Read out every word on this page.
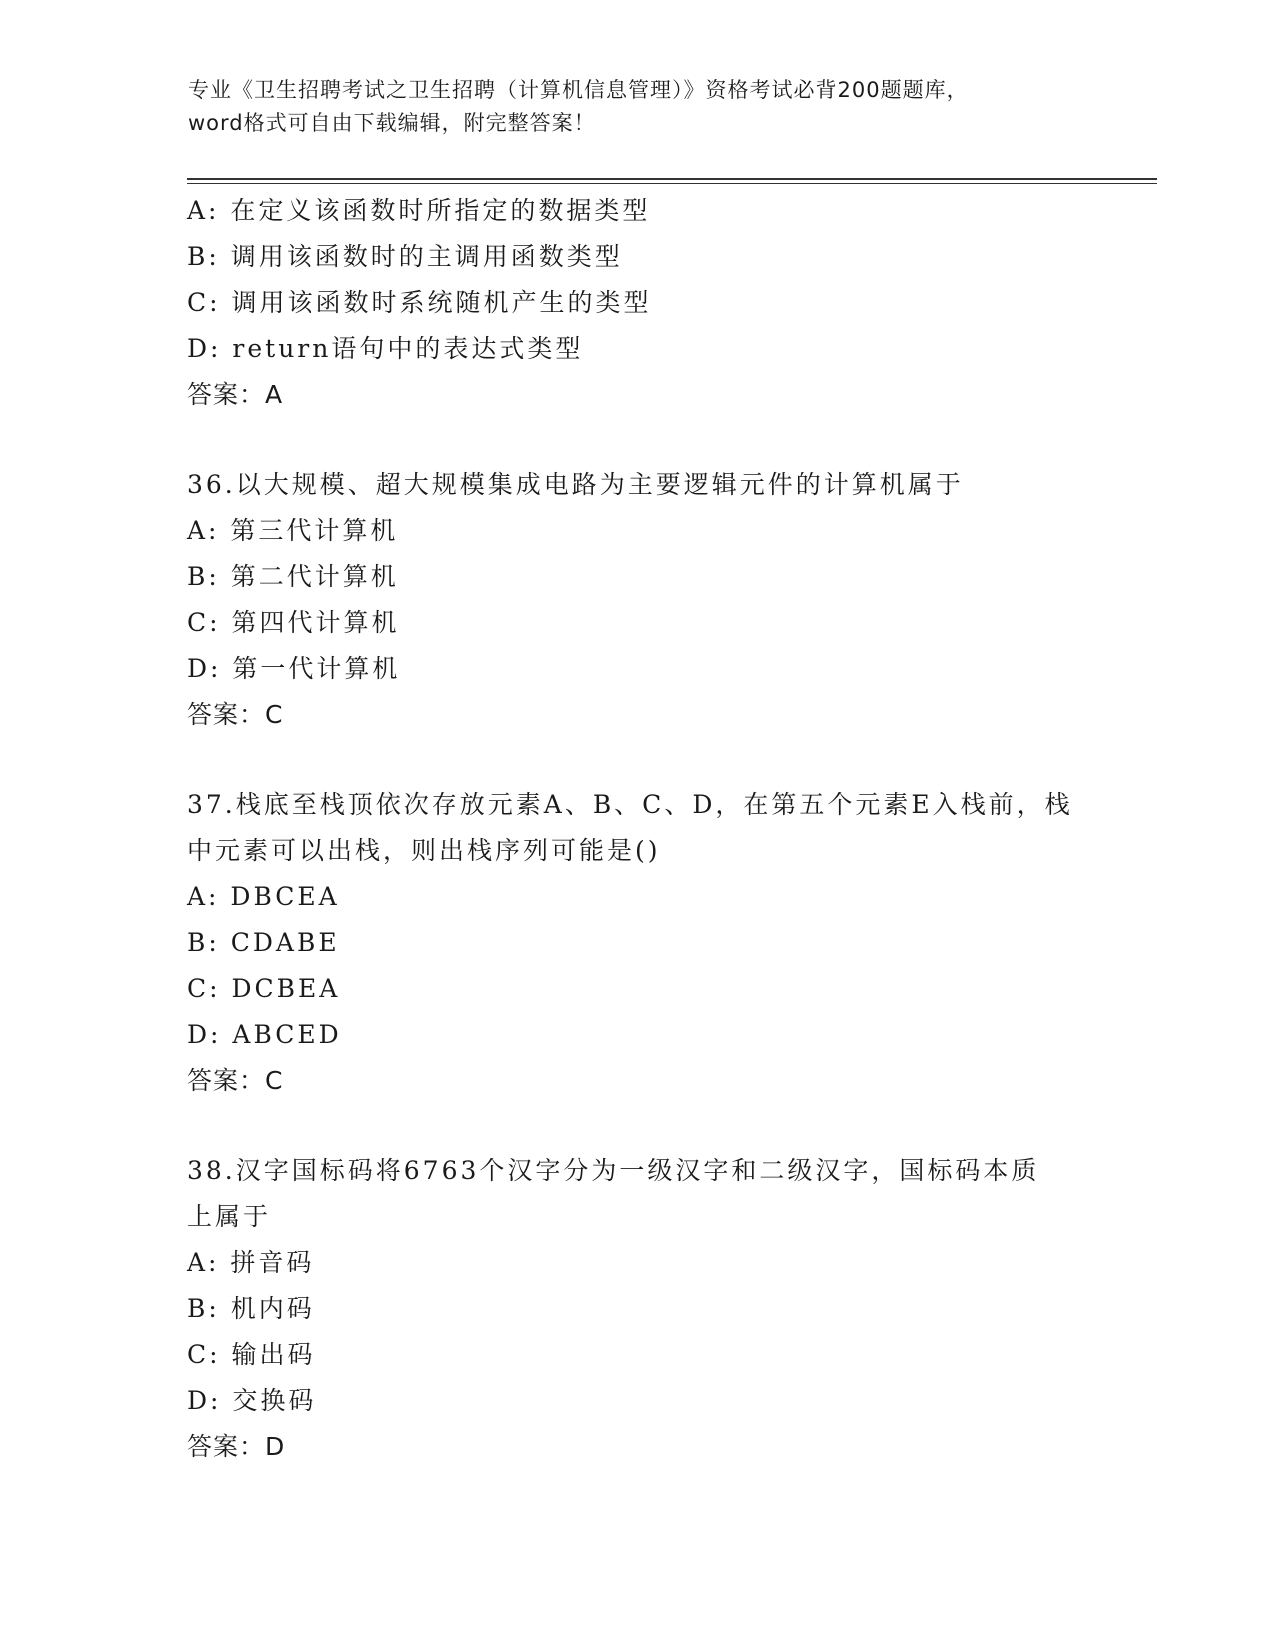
专业《卫生招聘考试之卫生招聘（计算机信息管理）》资格考试必背200题题库，
word格式可自由下载编辑，附完整答案！
A: 在定义该函数时所指定的数据类型
B: 调用该函数时的主调用函数类型
C: 调用该函数时系统随机产生的类型
D: return语句中的表达式类型
答案：A
36.以大规模、超大规模集成电路为主要逻辑元件的计算机属于
A: 第三代计算机
B: 第二代计算机
C: 第四代计算机
D: 第一代计算机
答案：C
37.栈底至栈顶依次存放元素A、B、C、D，在第五个元素E入栈前，栈
中元素可以出栈，则出栈序列可能是()
A: DBCEA
B: CDABE
C: DCBEA
D: ABCED
答案：C
38.汉字国标码将6763个汉字分为一级汉字和二级汉字，国标码本质
上属于
A: 拼音码
B: 机内码
C: 输出码
D: 交换码
答案：D
